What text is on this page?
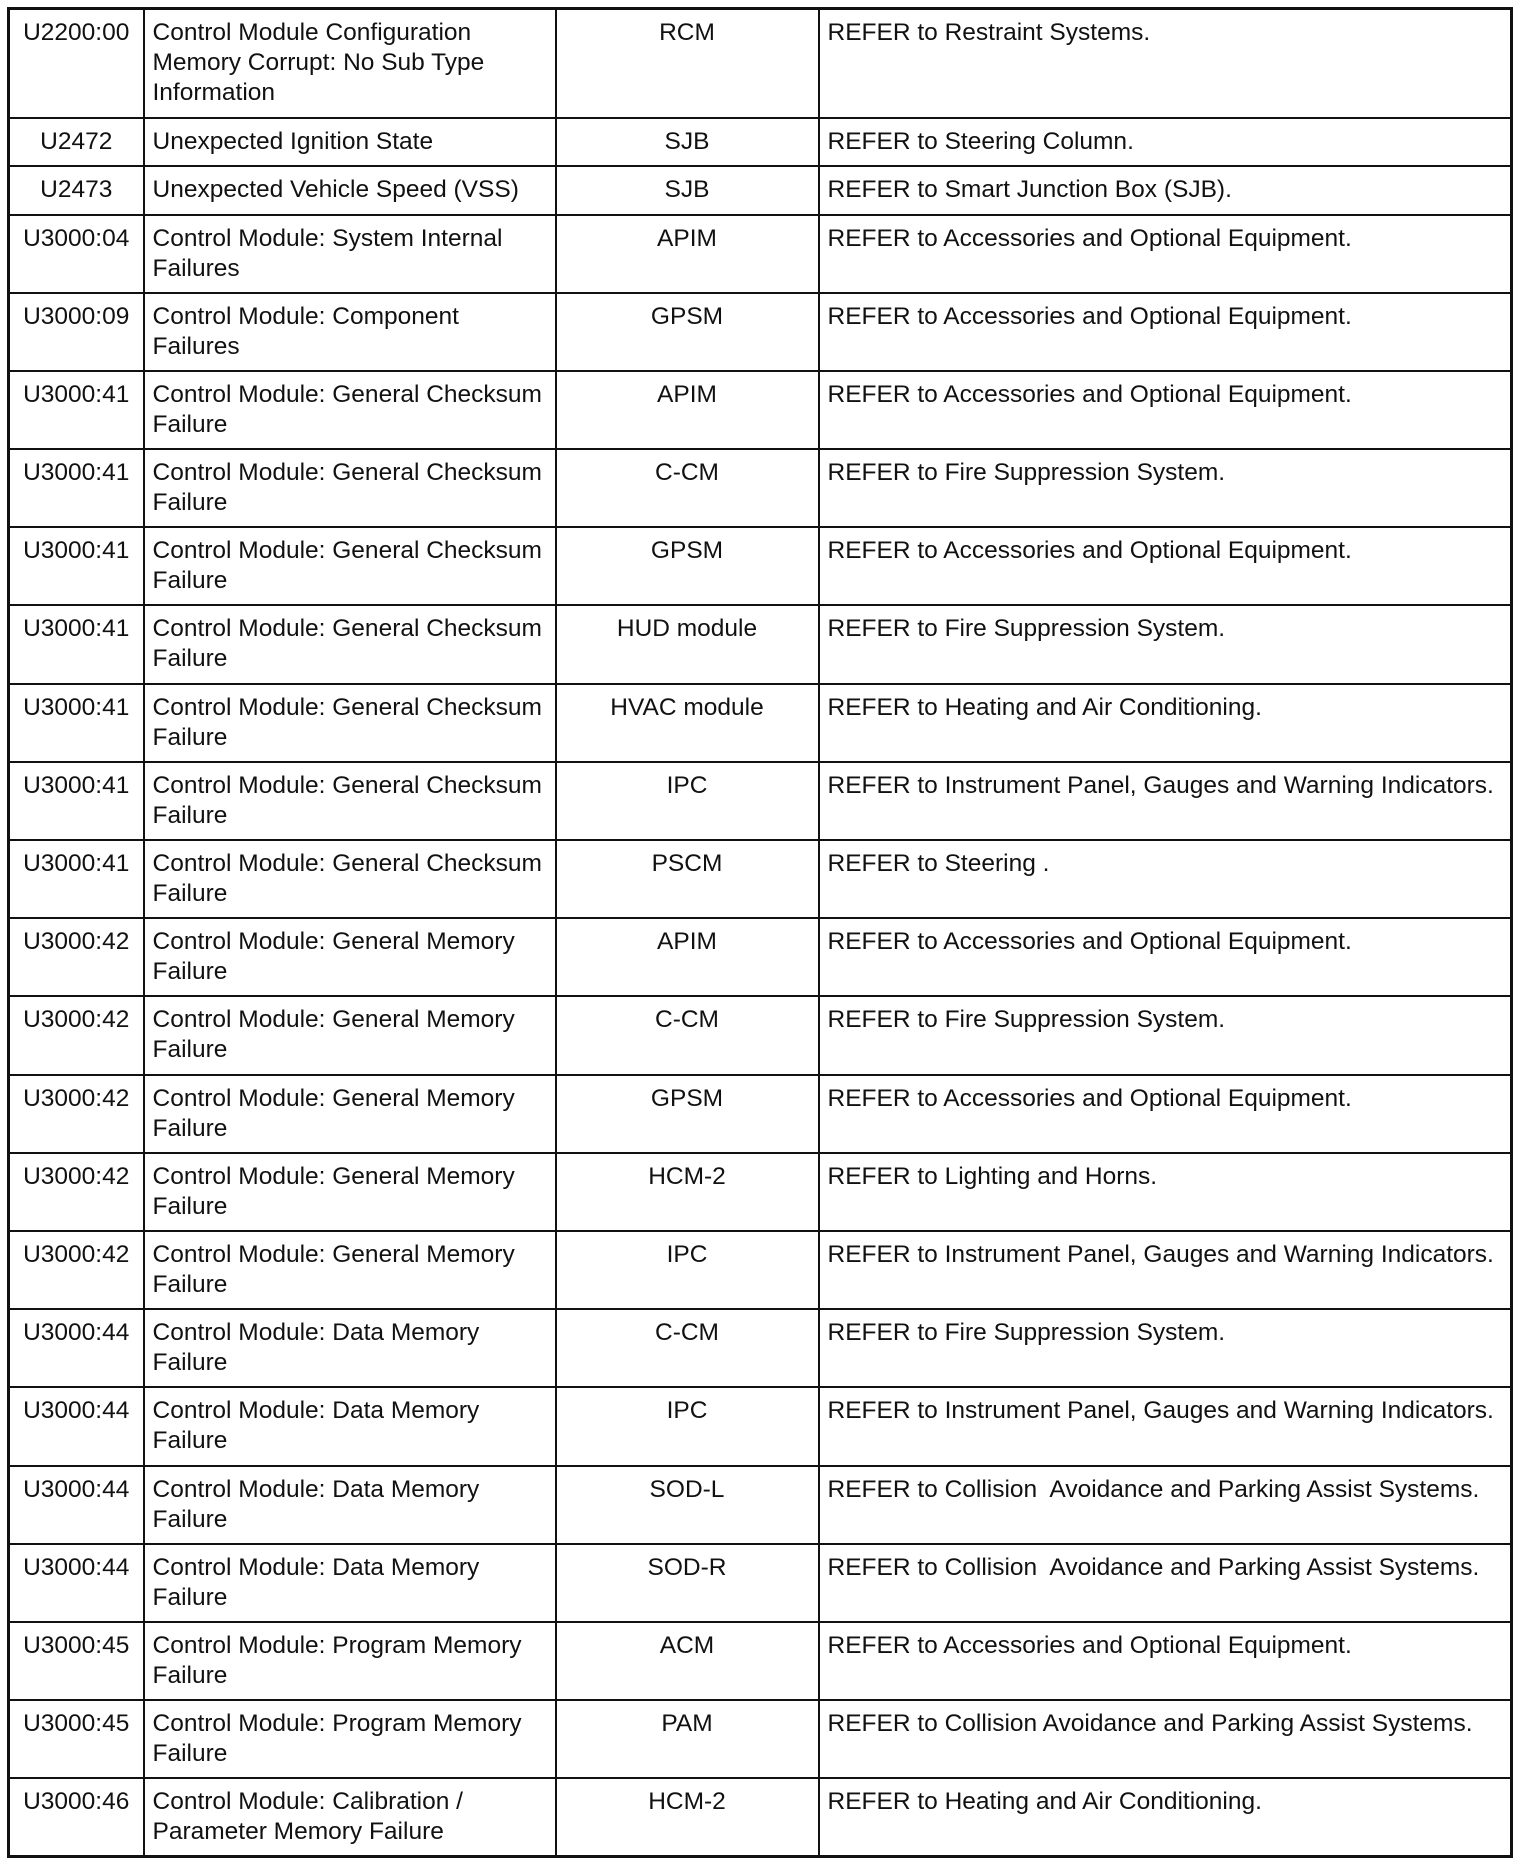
U2200:00	Control Module Configuration Memory Corrupt: No Sub Type Information	RCM	REFER to Restraint Systems.
U2472	Unexpected Ignition State	SJB	REFER to Steering Column.
U2473	Unexpected Vehicle Speed (VSS)	SJB	REFER to Smart Junction Box (SJB).
U3000:04	Control Module: System Internal Failures	APIM	REFER to Accessories and Optional Equipment.
U3000:09	Control Module: Component Failures	GPSM	REFER to Accessories and Optional Equipment.
U3000:41	Control Module: General Checksum Failure	APIM	REFER to Accessories and Optional Equipment.
U3000:41	Control Module: General Checksum Failure	C-CM	REFER to Fire Suppression System.
U3000:41	Control Module: General Checksum Failure	GPSM	REFER to Accessories and Optional Equipment.
U3000:41	Control Module: General Checksum Failure	HUD module	REFER to Fire Suppression System.
U3000:41	Control Module: General Checksum Failure	HVAC module	REFER to Heating and Air Conditioning.
U3000:41	Control Module: General Checksum Failure	IPC	REFER to Instrument Panel, Gauges and Warning Indicators.
U3000:41	Control Module: General Checksum Failure	PSCM	REFER to Steering .
U3000:42	Control Module: General Memory Failure	APIM	REFER to Accessories and Optional Equipment.
U3000:42	Control Module: General Memory Failure	C-CM	REFER to Fire Suppression System.
U3000:42	Control Module: General Memory Failure	GPSM	REFER to Accessories and Optional Equipment.
U3000:42	Control Module: General Memory Failure	HCM-2	REFER to Lighting and Horns.
U3000:42	Control Module: General Memory Failure	IPC	REFER to Instrument Panel, Gauges and Warning Indicators.
U3000:44	Control Module: Data Memory Failure	C-CM	REFER to Fire Suppression System.
U3000:44	Control Module: Data Memory Failure	IPC	REFER to Instrument Panel, Gauges and Warning Indicators.
U3000:44	Control Module: Data Memory Failure	SOD-L	REFER to Collision  Avoidance and Parking Assist Systems.
U3000:44	Control Module: Data Memory Failure	SOD-R	REFER to Collision  Avoidance and Parking Assist Systems.
U3000:45	Control Module: Program Memory Failure	ACM	REFER to Accessories and Optional Equipment.
U3000:45	Control Module: Program Memory Failure	PAM	REFER to Collision Avoidance and Parking Assist Systems.
U3000:46	Control Module: Calibration / Parameter Memory Failure	HCM-2	REFER to Heating and Air Conditioning.
